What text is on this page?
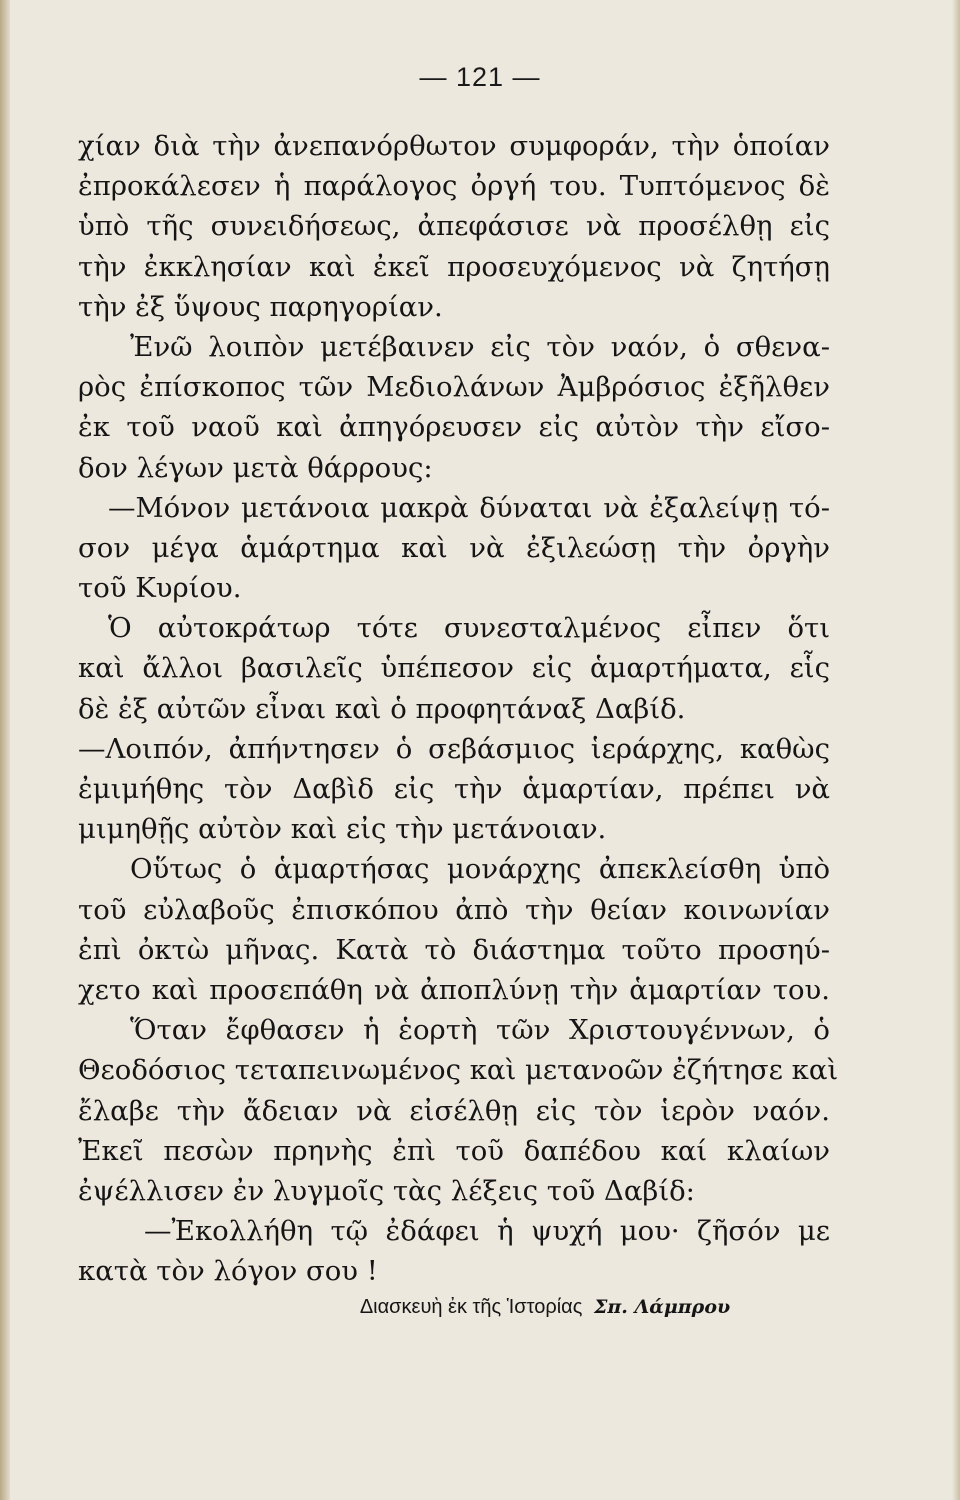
— 121 —
χίαν διὰ τὴν ἀνεπανόρθωτον συμφοράν, τὴν ὁποίαν
ἐπροκάλεσεν ἡ παράλογος ὀργή του. Τυπτόμενος δὲ
ὑπὸ τῆς συνειδήσεως, ἀπεφάσισε νὰ προσέλθῃ εἰς
τὴν ἐκκλησίαν καὶ ἐκεῖ προσευχόμενος νὰ ζητήσῃ
τὴν ἐξ ὕψους παρηγορίαν.
Ἐνῶ λοιπὸν μετέβαινεν εἰς τὸν ναόν, ὁ σθενα-
ρὸς ἐπίσκοπος τῶν Μεδιολάνων Ἀμβρόσιος ἐξῆλθεν
ἐκ τοῦ ναοῦ καὶ ἀπηγόρευσεν εἰς αὐτὸν τὴν εἴσο-
δον λέγων μετὰ θάρρους:
—Μόνον μετάνοια μακρὰ δύναται νὰ ἐξαλείψῃ τό-
σον μέγα ἁμάρτημα καὶ νὰ ἐξιλεώσῃ τὴν ὀργὴν
τοῦ Κυρίου.
Ὁ αὐτοκράτωρ τότε συνεσταλμένος εἶπεν ὅτι
καὶ ἄλλοι βασιλεῖς ὑπέπεσον εἰς ἁμαρτήματα, εἷς
δὲ ἐξ αὐτῶν εἶναι καὶ ὁ προφητάναξ Δαβίδ.
—Λοιπόν, ἀπήντησεν ὁ σεβάσμιος ἱεράρχης, καθὼς
ἐμιμήθης τὸν Δαβὶδ εἰς τὴν ἁμαρτίαν, πρέπει νὰ
μιμηθῇς αὐτὸν καὶ εἰς τὴν μετάνοιαν.
Οὕτως ὁ ἁμαρτήσας μονάρχης ἀπεκλείσθη ὑπὸ
τοῦ εὐλαβοῦς ἐπισκόπου ἀπὸ τὴν θείαν κοινωνίαν
ἐπὶ ὀκτὼ μῆνας. Κατὰ τὸ διάστημα τοῦτο προσηύ-
χετο καὶ προσεπάθη νὰ ἀποπλύνῃ τὴν ἁμαρτίαν του.
Ὅταν ἔφθασεν ἡ ἑορτὴ τῶν Χριστουγέννων, ὁ
Θεοδόσιος τεταπεινωμένος καὶ μετανοῶν ἐζήτησε καὶ
ἔλαβε τὴν ἄδειαν νὰ εἰσέλθῃ εἰς τὸν ἱερὸν ναόν.
Ἐκεῖ πεσὼν πρηνὴς ἐπὶ τοῦ δαπέδου καί κλαίων
ἐψέλλισεν ἐν λυγμοῖς τὰς λέξεις τοῦ Δαβίδ:
—Ἐκολλήθη τῷ ἐδάφει ἡ ψυχή μου· ζῆσόν με
κατὰ τὸν λόγον σου !
Διασκευὴ ἐκ τῆς Ἱστορίας Σπ. Λάμπρου
